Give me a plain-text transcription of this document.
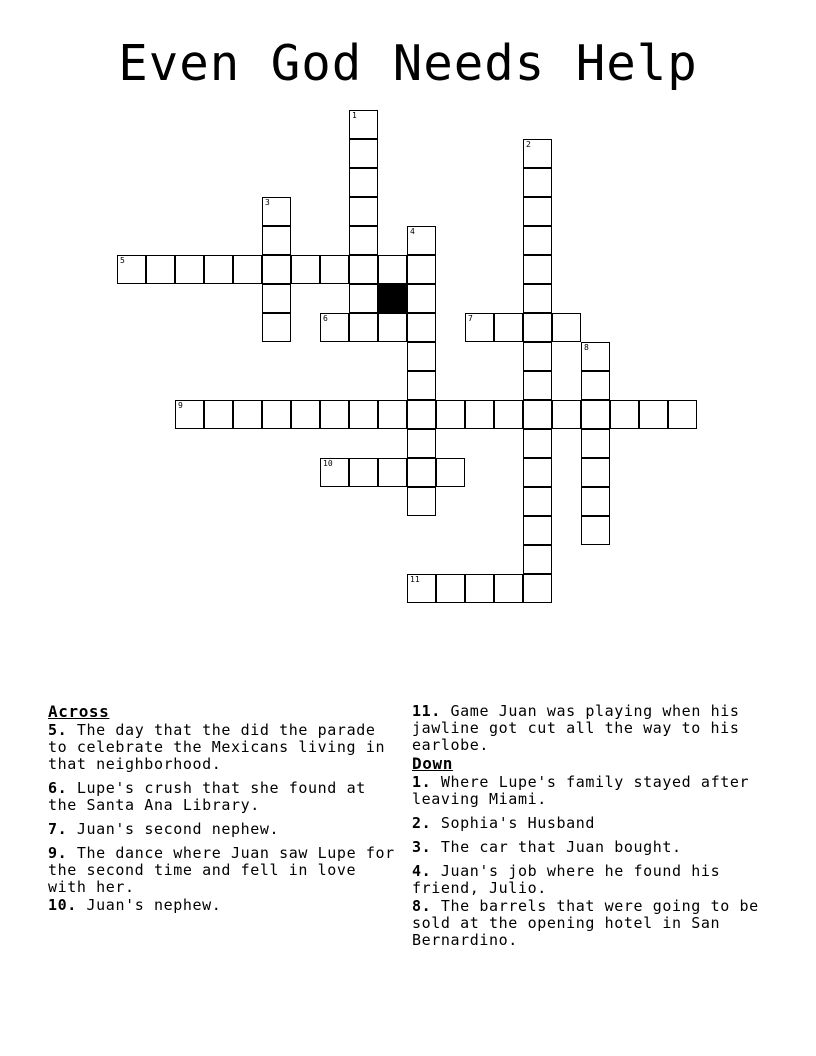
Even God Needs Help
1
2
3
4
5
6	7
8
9
10
11
Across
5. The day that the did the parade to celebrate the Mexicans living in that neighborhood.
6. Lupe's crush that she found at the Santa Ana Library.
7. Juan's second nephew.
9. The dance where Juan saw Lupe for the second time and fell in love with her.
10. Juan's nephew.
11. Game Juan was playing when his jawline got cut all the way to his earlobe.
Down
1. Where Lupe's family stayed after leaving Miami.
2. Sophia's Husband
3. The car that Juan bought.
4. Juan's job where he found his friend, Julio.
8. The barrels that were going to be sold at the opening hotel in San Bernardino.
